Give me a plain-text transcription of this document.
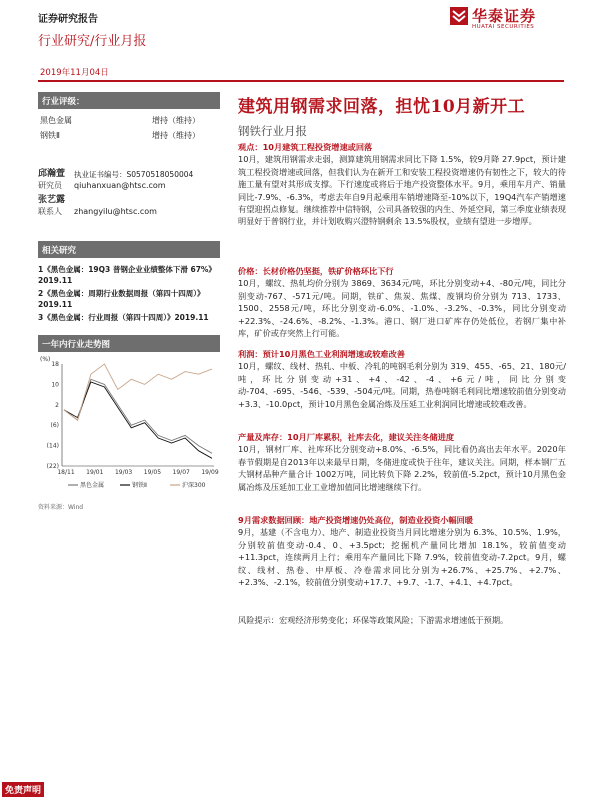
证券研究报告
行业研究/行业月报
2019年11月04日
华泰证券
HUATAI SECURITIES
行业评级：
黑色金属	增持（维持）
钢铁Ⅱ	增持（维持）
邱瀚萱	执业证书编号： S0570518050004
研究员	qiuhanxuan@htsc.com
张艺露
联系人	zhangyilu@htsc.com
相关研究
1《黑色金属：19Q3 普钢企业业绩整体下滑 67%》2019.11
2《黑色金属：周期行业数据周报（第四十四周）》2019.11
3《黑色金属：行业周报（第四十四周）》2019.11
一年内行业走势图
(%)
18
10
2
(6)
(14)
(22)
18/11 19/01 19/03 19/05 19/07 19/09
黑色金属	钢铁Ⅱ	沪深300
资料来源：Wind
建筑用钢需求回落，担忧10月新开工
钢铁行业月报
观点：10月建筑工程投资增速或回落
10月，建筑用钢需求走弱，测算建筑用钢需求同比下降 1.5%，较9月降 27.9pct，预计建筑工程投资增速或回落，但我们认为在新开工和安装工程投资增速仍有韧性之下，较大的待施工量有望对其形成支撑。下行速度或将后于地产投资整体水平。9月，乘用车月产、销量同比-7.9%、-6.3%，考虑去年自9月起乘用车销增速降至-10%以下，19Q4汽车产销增速有望迎拐点修复。继续推荐中信特钢，公司具备较强的内生、外延空间，第三季度业绩表现明显好于普钢行业，并计划收购兴澄特钢剩余 13.5%股权，业绩有望进一步增厚。
价格：长材价格仍坚挺，铁矿价格环比下行
10月，螺纹、热轧均价分别为 3869、3634元/吨，环比分别变动+4、-80元/吨，同比分别变动-767、-571元/吨。同期，铁矿、焦炭、焦煤、废钢均价分别为 713、1733、1500、2558元/吨，环比分别变动-6.0%、-1.0%、-3.2%、-0.3%，同比分别变动+22.3%、-24.6%、-8.2%、-1.3%。港口、钢厂进口矿库存仍处低位，若钢厂集中补库，矿价或存突然上行可能。
利润：预计10月黑色工业利润增速或较难改善
10月，螺纹、线材、热轧、中板、冷轧的吨钢毛利分别为 319、455、-65、21、180元/吨，环比分别变动+31、+4、-42、-4、+6元/吨，同比分别变动-704、-695、-546、-539、-504元/吨。同期，热卷吨钢毛利同比增速较前值分别变动+3.3、-10.0pct，预计10月黑色金属冶炼及压延工业利润同比增速或较难改善。
产量及库存：10月厂库累积，社库去化，建议关注冬储进度
10月，钢材厂库、社库环比分别变动+8.0%、-6.5%，同比看仍高出去年水平。2020年春节假期是自2013年以来最早日期，冬储进度或快于往年，建议关注。同期，样本钢厂五大钢材品种产量合计 1002万吨，同比转负下降 2.2%，较前值-5.2pct，预计10月黑色金属冶炼及压延加工业工业增加值同比增速继续下行。
9月需求数据回顾：地产投资增速仍处高位，制造业投资小幅回暖
9月，基建（不含电力）、地产、制造业投资当月同比增速分别为 6.3%、10.5%、1.9%，分别较前值变动-0.4、0、+3.5pct；挖掘机产量同比增加 18.1%，较前值变动+11.3pct，连续两月上行；乘用车产量同比下降 7.9%，较前值变动-7.2pct。9月，螺纹、线材、热卷、中厚板、冷卷需求同比分别为+26.7%、+25.7%、+2.7%、+2.3%、-2.1%，较前值分别变动+17.7、+9.7、-1.7、+4.1、+4.7pct。
风险提示：宏观经济形势变化；环保等政策风险；下游需求增速低于预期。
免责声明
